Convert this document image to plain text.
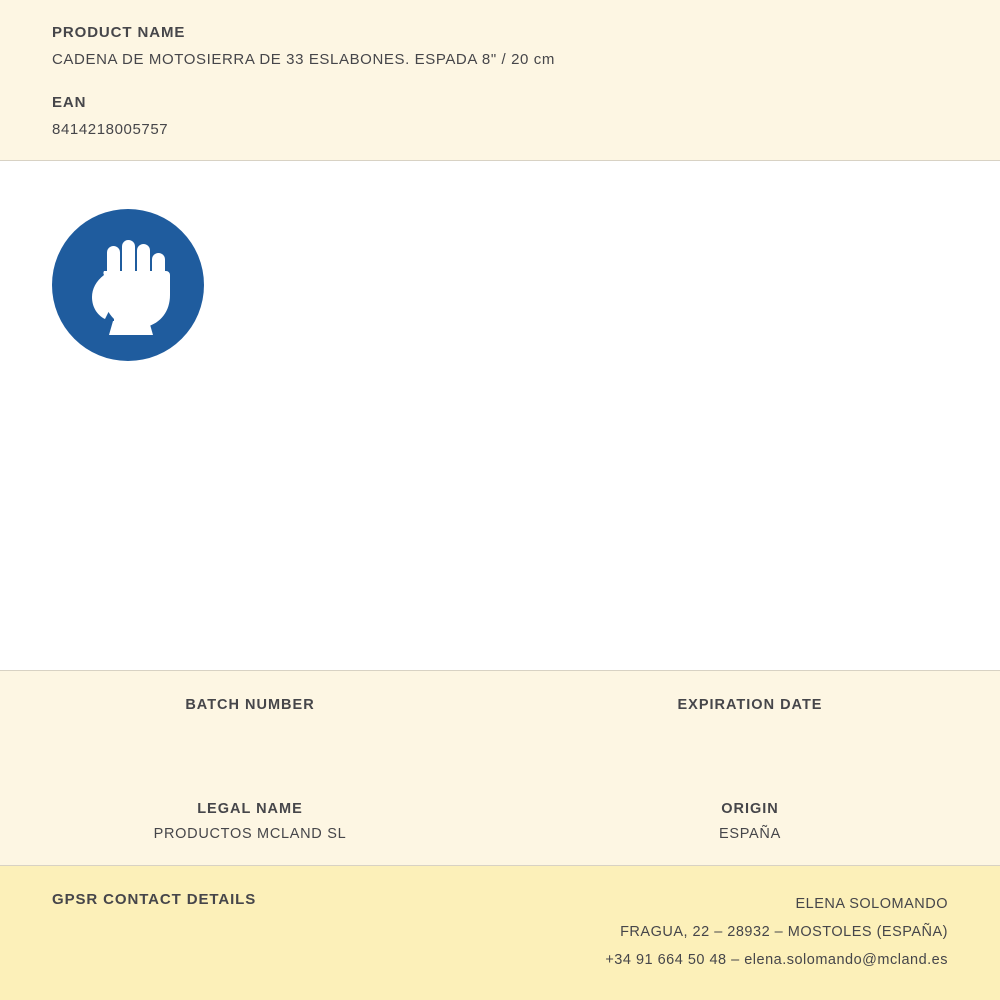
PRODUCT NAME
CADENA DE MOTOSIERRA DE 33 ESLABONES. ESPADA 8" / 20 cm
EAN
8414218005757
BATCH NUMBER	EXPIRATION DATE
LEGAL NAME
PRODUCTOS MCLAND SL
ORIGIN
ESPAÑA
GPSR CONTACT DETAILS	ELENA SOLOMANDO
FRAGUA, 22 – 28932 – MOSTOLES (ESPAÑA)
+34 91 664 50 48 – elena.solomando@mcland.es
